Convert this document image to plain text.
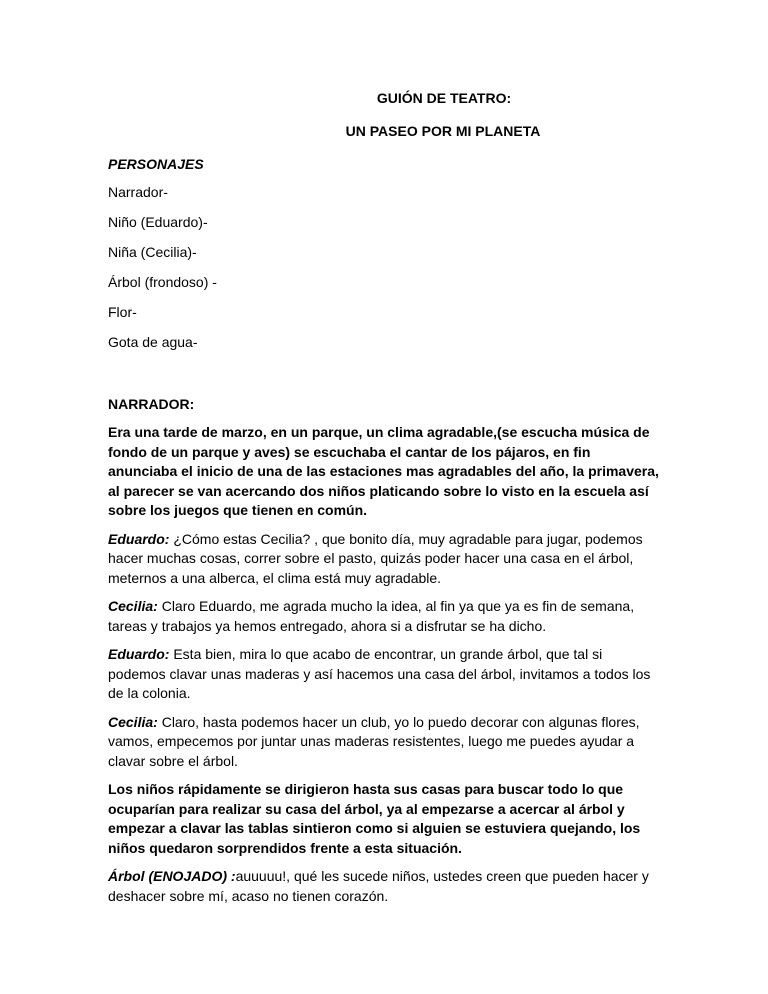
GUIÓN DE TEATRO:

UN PASEO POR MI PLANETA

PERSONAJES

Narrador-

Niño (Eduardo)-

Niña (Cecilia)-

Árbol (frondoso) -

Flor-

Gota de agua-

NARRADOR:

Era una tarde de marzo, en un parque, un clima agradable,(se escucha música de fondo de un parque y aves) se escuchaba el cantar de los pájaros, en fin anunciaba el inicio de una de las estaciones mas agradables del año, la primavera, al parecer se van acercando dos niños platicando sobre lo visto en la escuela así sobre los juegos que tienen en común.

Eduardo: ¿Cómo estas Cecilia? , que bonito día, muy agradable para jugar, podemos hacer muchas cosas, correr sobre el pasto, quizás poder hacer una casa en el árbol, meternos a una alberca, el clima está muy agradable.

Cecilia: Claro Eduardo, me agrada mucho la idea, al fin ya que ya es fin de semana, tareas y trabajos ya hemos entregado, ahora si a disfrutar se ha dicho.

Eduardo: Esta bien, mira lo que acabo de encontrar, un grande árbol, que tal si podemos clavar unas maderas y así hacemos una casa del árbol, invitamos a todos los de la colonia.

Cecilia: Claro, hasta podemos hacer un club, yo lo puedo decorar con algunas flores, vamos, empecemos por juntar unas maderas resistentes, luego me puedes ayudar a clavar sobre el árbol.

Los niños rápidamente se dirigieron hasta sus casas para buscar todo lo que ocuparían para realizar su casa del árbol, ya al empezarse a acercar al árbol y empezar a clavar las tablas sintieron como si alguien se estuviera quejando, los niños quedaron sorprendidos frente a esta situación.

Árbol (ENOJADO) :auuuuu!, qué les sucede niños, ustedes creen que pueden hacer y deshacer sobre mí, acaso no tienen corazón.
